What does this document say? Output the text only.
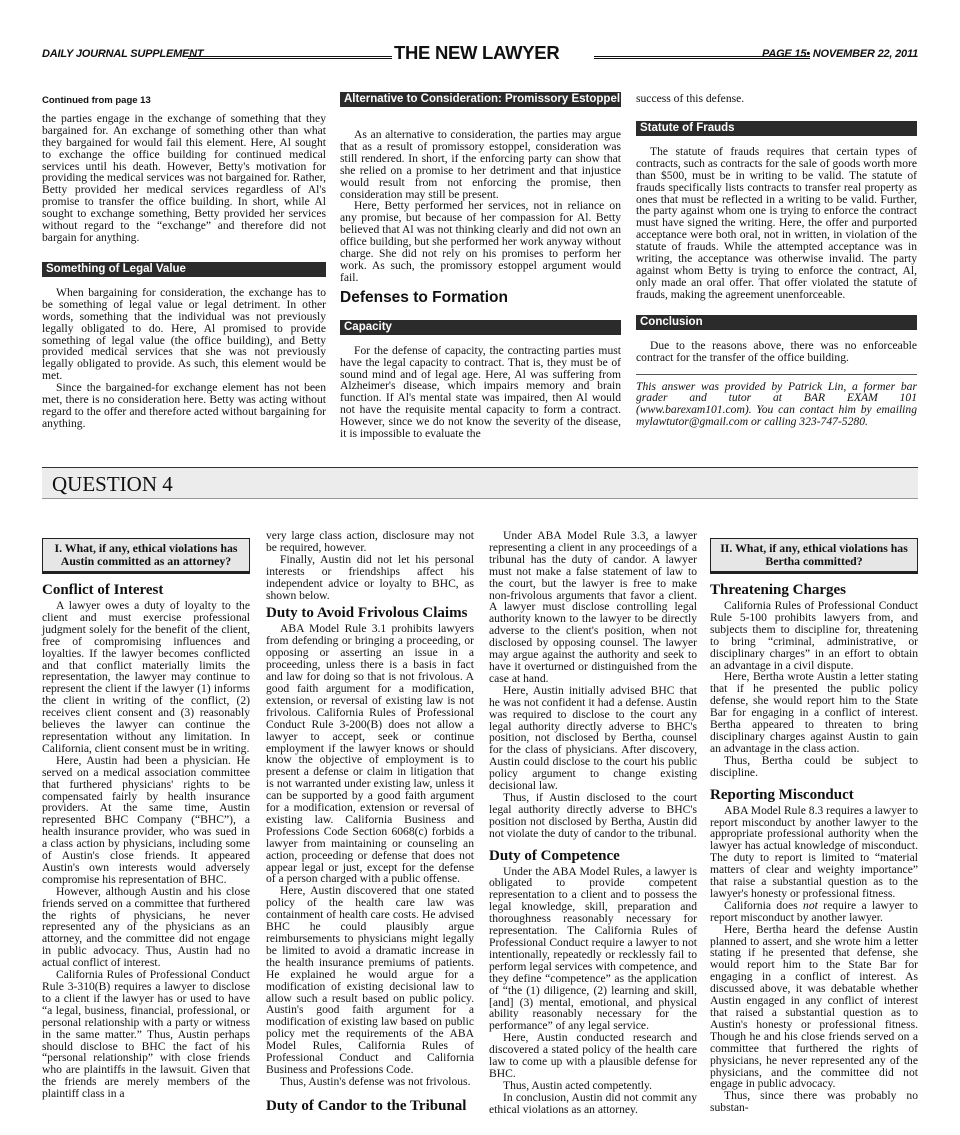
DAILY JOURNAL SUPPLEMENT	THE NEW LAWYER	PAGE 15• NOVEMBER 22, 2011
Continued from page 13

the parties engage in the exchange of something that they bargained for. An exchange of something other than what they bargained for would fail this element. Here, Al sought to exchange the office building for continued medical services until his death. However, Betty's motivation for providing the medical services was not bargained for. Rather, Betty provided her medical services regardless of Al's promise to transfer the office building. In short, while Al sought to exchange something, Betty provided her services without regard to the “exchange” and therefore did not bargain for anything.

Something of Legal Value

When bargaining for consideration, the exchange has to be something of legal value or legal detriment. In other words, something that the individual was not previously legally obligated to do. Here, Al promised to provide something of legal value (the office building), and Betty provided medical services that she was not previously legally obligated to provide. As such, this element would be met.

Since the bargained-for exchange element has not been met, there is no consideration here. Betty was acting without regard to the offer and therefore acted without bargaining for anything.

Alternative to Consideration: Promissory Estoppel

As an alternative to consideration, the parties may argue that as a result of promissory estoppel, consideration was still rendered. In short, if the enforcing party can show that she relied on a promise to her detriment and that injustice would result from not enforcing the promise, then consideration may still be present.

Here, Betty performed her services, not in reliance on any promise, but because of her compassion for Al. Betty believed that Al was not thinking clearly and did not own an office building, but she performed her work anyway without charge. She did not rely on his promises to perform her work. As such, the promissory estoppel argument would fail.

Defenses to Formation
Capacity

For the defense of capacity, the contracting parties must have the legal capacity to contract. That is, they must be of sound mind and of legal age. Here, Al was suffering from Alzheimer's disease, which impairs memory and brain function. If Al's mental state was impaired, then Al would not have the requisite mental capacity to form a contract. However, since we do not know the severity of the disease, it is impossible to evaluate the

success of this defense.

Statute of Frauds

The statute of frauds requires that certain types of contracts, such as contracts for the sale of goods worth more than $500, must be in writing to be valid. The statute of frauds specifically lists contracts to transfer real property as ones that must be reflected in a writing to be valid. Further, the party against whom one is trying to enforce the contract must have signed the writing. Here, the offer and purported acceptance were both oral, not in written, in violation of the statute of frauds. While the attempted acceptance was in writing, the acceptance was otherwise invalid. The party against whom Betty is trying to enforce the contract, Al, only made an oral offer. That offer violated the statute of frauds, making the agreement unenforceable.

Conclusion

Due to the reasons above, there was no enforceable contract for the transfer of the office building.

This answer was provided by Patrick Lin, a former bar grader and tutor at BAR EXAM 101 (www.barexam101.com). You can contact him by emailing mylawtutor@gmail.com or calling 323-747-5280.
QUESTION 4
I. What, if any, ethical violations has Austin committed as an attorney?
Conflict of Interest

A lawyer owes a duty of loyalty to the client and must exercise professional judgment solely for the benefit of the client, free of compromising influences and loyalties. If the lawyer becomes conflicted and that conflict materially limits the representation, the lawyer may continue to represent the client if the lawyer (1) informs the client in writing of the conflict, (2) receives client consent and (3) reasonably believes the lawyer can continue the representation without any limitation. In California, client consent must be in writing.

Here, Austin had been a physician. He served on a medical association committee that furthered physicians' rights to be compensated fairly by health insurance providers. At the same time, Austin represented BHC Company (“BHC”), a health insurance provider, who was sued in a class action by physicians, including some of Austin's close friends. It appeared Austin's own interests would adversely compromise his representation of BHC.

However, although Austin and his close friends served on a committee that furthered the rights of physicians, he never represented any of the physicians as an attorney, and the committee did not engage in public advocacy. Thus, Austin had no actual conflict of interest.

California Rules of Professional Conduct Rule 3-310(B) requires a lawyer to disclose to a client if the lawyer has or used to have “a legal, business, financial, professional, or personal relationship with a party or witness in the same matter.” Thus, Austin perhaps should disclose to BHC the fact of his “personal relationship” with close friends who are plaintiffs in the lawsuit. Given that the friends are merely members of the plaintiff class in a

very large class action, disclosure may not be required, however.

Finally, Austin did not let his personal interests or friendships affect his independent advice or loyalty to BHC, as shown below.

Duty to Avoid Frivolous Claims

ABA Model Rule 3.1 prohibits lawyers from defending or bringing a proceeding, or opposing or asserting an issue in a proceeding, unless there is a basis in fact and law for doing so that is not frivolous. A good faith argument for a modification, extension, or reversal of existing law is not frivolous. California Rules of Professional Conduct Rule 3-200(B) does not allow a lawyer to accept, seek or continue employment if the lawyer knows or should know the objective of employment is to present a defense or claim in litigation that is not warranted under existing law, unless it can be supported by a good faith argument for a modification, extension or reversal of existing law. California Business and Professions Code Section 6068(c) forbids a lawyer from maintaining or counseling an action, proceeding or defense that does not appear legal or just, except for the defense of a person charged with a public offense.

Here, Austin discovered that one stated policy of the health care law was containment of health care costs. He advised BHC he could plausibly argue reimbursements to physicians might legally be limited to avoid a dramatic increase in the health insurance premiums of patients. He explained he would argue for a modification of existing decisional law to allow such a result based on public policy. Austin's good faith argument for a modification of existing law based on public policy met the requirements of the ABA Model Rules, California Rules of Professional Conduct and California Business and Professions Code.

Thus, Austin's defense was not frivolous.

Duty of Candor to the Tribunal

Under ABA Model Rule 3.3, a lawyer representing a client in any proceedings of a tribunal has the duty of candor. A lawyer must not make a false statement of law to the court, but the lawyer is free to make non-frivolous arguments that favor a client. A lawyer must disclose controlling legal authority known to the lawyer to be directly adverse to the client's position, when not disclosed by opposing counsel. The lawyer may argue against the authority and seek to have it overturned or distinguished from the case at hand.

Here, Austin initially advised BHC that he was not confident it had a defense. Austin was required to disclose to the court any legal authority directly adverse to BHC's position, not disclosed by Bertha, counsel for the class of physicians. After discovery, Austin could disclose to the court his public policy argument to change existing decisional law.

Thus, if Austin disclosed to the court legal authority directly adverse to BHC's position not disclosed by Bertha, Austin did not violate the duty of candor to the tribunal.

Duty of Competence

Under the ABA Model Rules, a lawyer is obligated to provide competent representation to a client and to possess the legal knowledge, skill, preparation and thoroughness reasonably necessary for representation. The California Rules of Professional Conduct require a lawyer to not intentionally, repeatedly or recklessly fail to perform legal services with competence, and they define “competence” as the application of “the (1) diligence, (2) learning and skill, [and] (3) mental, emotional, and physical ability reasonably necessary for the performance” of any legal service.

Here, Austin conducted research and discovered a stated policy of the health care law to come up with a plausible defense for BHC.

Thus, Austin acted competently.

In conclusion, Austin did not commit any ethical violations as an attorney.

II. What, if any, ethical violations has Bertha committed?
Threatening Charges

California Rules of Professional Conduct Rule 5-100 prohibits lawyers from, and subjects them to discipline for, threatening to bring “criminal, administrative, or disciplinary charges” in an effort to obtain an advantage in a civil dispute.

Here, Bertha wrote Austin a letter stating that if he presented the public policy defense, she would report him to the State Bar for engaging in a conflict of interest. Bertha appeared to threaten to bring disciplinary charges against Austin to gain an advantage in the class action.

Thus, Bertha could be subject to discipline.

Reporting Misconduct

ABA Model Rule 8.3 requires a lawyer to report misconduct by another lawyer to the appropriate professional authority when the lawyer has actual knowledge of misconduct. The duty to report is limited to “material matters of clear and weighty importance” that raise a substantial question as to the lawyer's honesty or professional fitness.

California does not require a lawyer to report misconduct by another lawyer.

Here, Bertha heard the defense Austin planned to assert, and she wrote him a letter stating if he presented that defense, she would report him to the State Bar for engaging in a conflict of interest. As discussed above, it was debatable whether Austin engaged in any conflict of interest that raised a substantial question as to Austin's honesty or professional fitness. Though he and his close friends served on a committee that furthered the rights of physicians, he never represented any of the physicians, and the committee did not engage in public advocacy.

Thus, since there was probably no substan-
